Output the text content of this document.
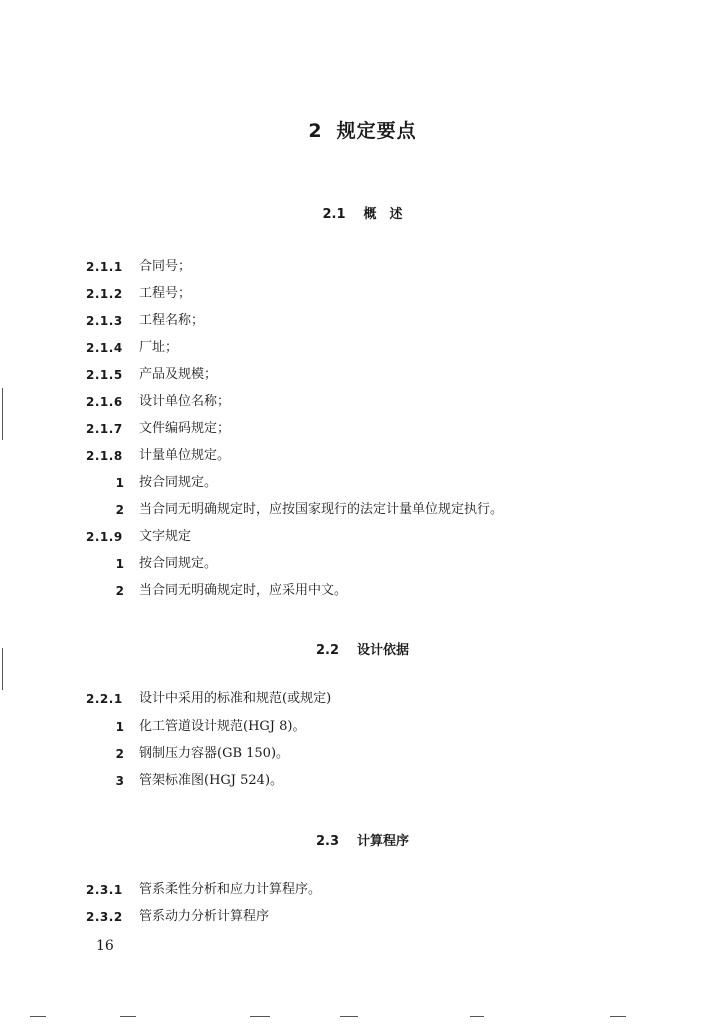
2 规定要点
2.1 概　述
2.1.1	合同号；
2.1.2	工程号；
2.1.3	工程名称；
2.1.4	厂址；
2.1.5	产品及规模；
2.1.6	设计单位名称；
2.1.7	文件编码规定；
2.1.8	计量单位规定。
1 按合同规定。
2 当合同无明确规定时，应按国家现行的法定计量单位规定执行。
2.1.9	文字规定
1 按合同规定。
2 当合同无明确规定时，应采用中文。
2.2 设计依据
2.2.1	设计中采用的标准和规范(或规定)
1 化工管道设计规范(HGJ 8)。
2 钢制压力容器(GB 150)。
3 管架标准图(HGJ 524)。
2.3 计算程序
2.3.1	管系柔性分析和应力计算程序。
2.3.2	管系动力分析计算程序
16
